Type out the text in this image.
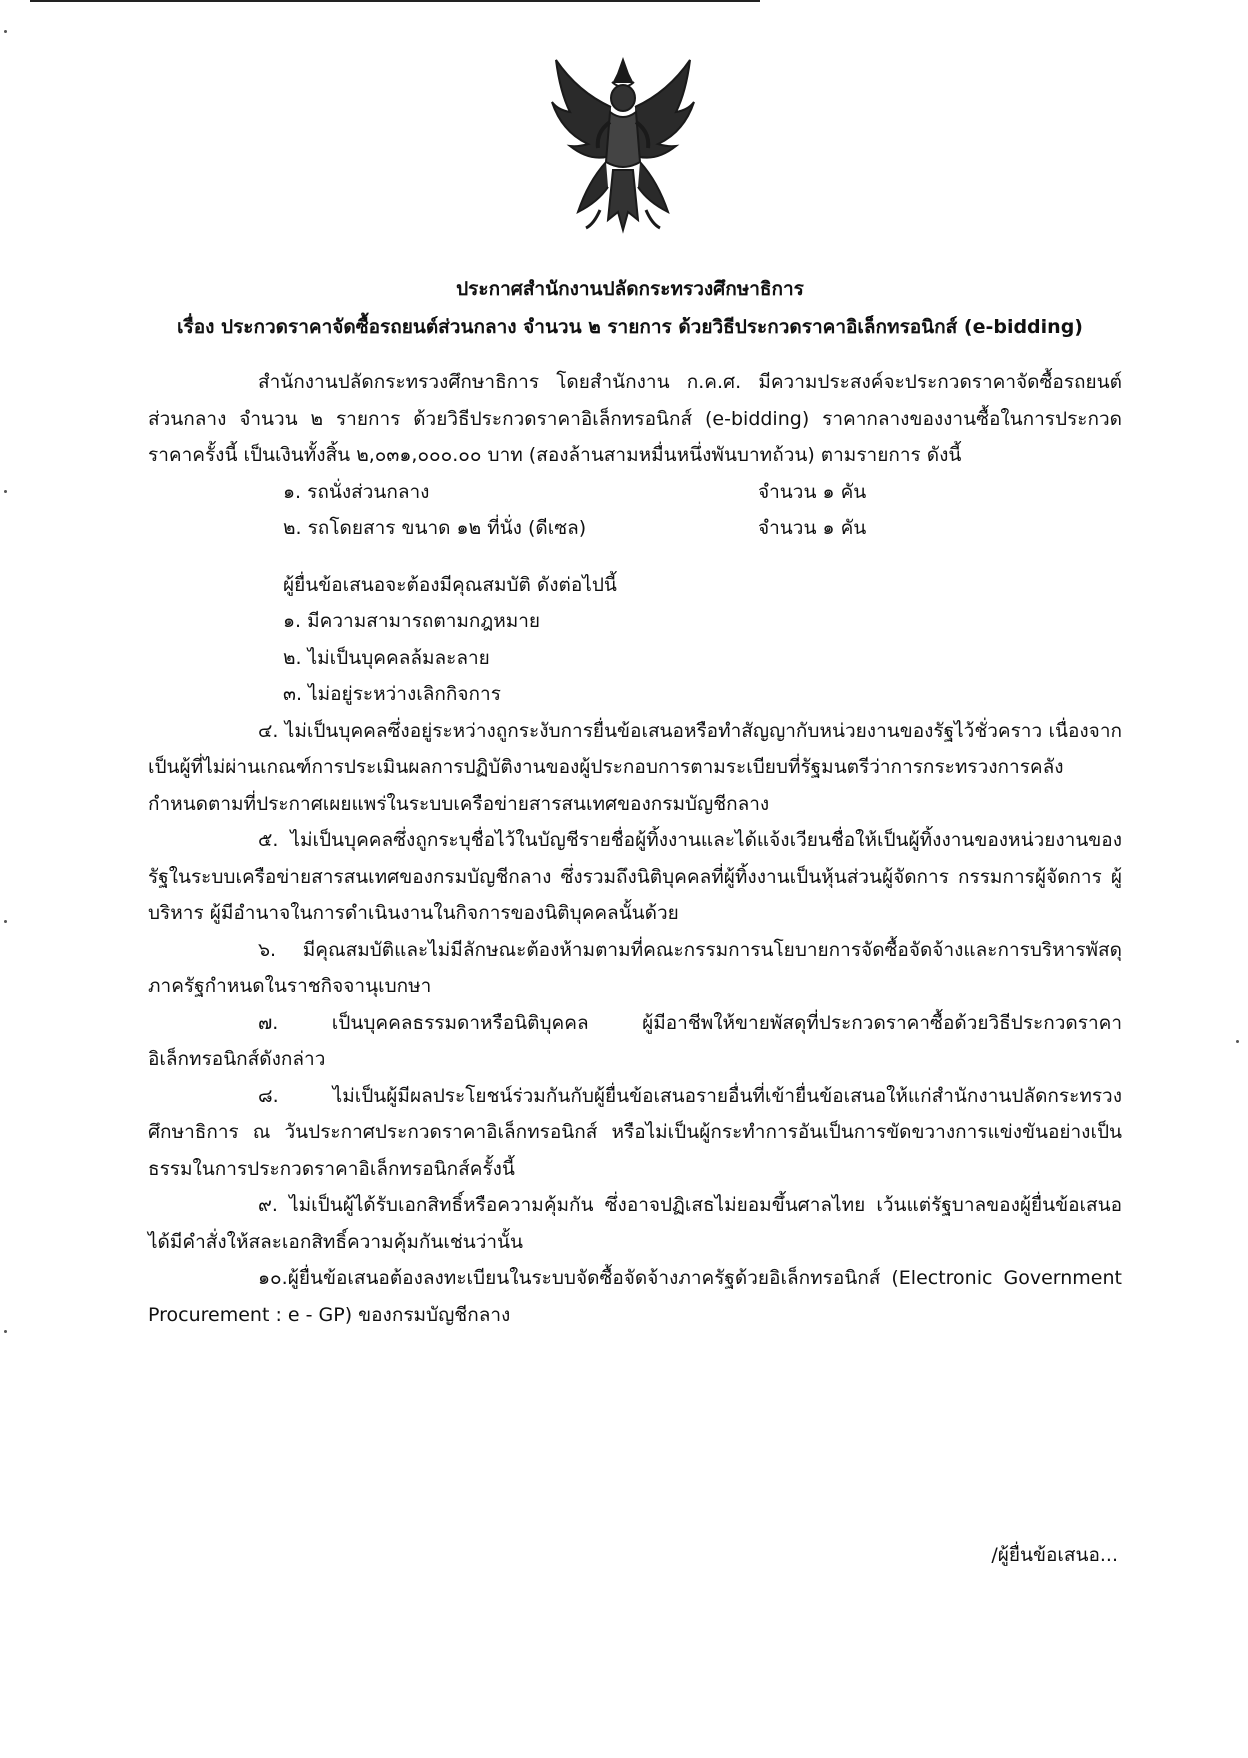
ประกาศสำนักงานปลัดกระทรวงศึกษาธิการ
เรื่อง ประกวดราคาจัดซื้อรถยนต์ส่วนกลาง จำนวน ๒ รายการ ด้วยวิธีประกวดราคาอิเล็กทรอนิกส์ (e-bidding)

สำนักงานปลัดกระทรวงศึกษาธิการ โดยสำนักงาน ก.ค.ศ. มีความประสงค์จะประกวดราคาจัดซื้อรถยนต์ส่วนกลาง จำนวน ๒ รายการ ด้วยวิธีประกวดราคาอิเล็กทรอนิกส์ (e-bidding) ราคากลางของงานซื้อในการประกวดราคาครั้งนี้ เป็นเงินทั้งสิ้น ๒,๐๓๑,๐๐๐.๐๐ บาท (สองล้านสามหมื่นหนึ่งพันบาทถ้วน) ตามรายการ ดังนี้

๑. รถนั่งส่วนกลาง	จำนวน ๑ คัน
๒. รถโดยสาร ขนาด ๑๒ ที่นั่ง (ดีเซล)	จำนวน ๑ คัน
ผู้ยื่นข้อเสนอจะต้องมีคุณสมบัติ ดังต่อไปนี้
๑. มีความสามารถตามกฎหมาย
๒. ไม่เป็นบุคคลล้มละลาย
๓. ไม่อยู่ระหว่างเลิกกิจการ

๔. ไม่เป็นบุคคลซึ่งอยู่ระหว่างถูกระงับการยื่นข้อเสนอหรือทำสัญญากับหน่วยงานของรัฐไว้ชั่วคราว เนื่องจากเป็นผู้ที่ไม่ผ่านเกณฑ์การประเมินผลการปฏิบัติงานของผู้ประกอบการตามระเบียบที่รัฐมนตรีว่าการกระทรวงการคลังกำหนดตามที่ประกาศเผยแพร่ในระบบเครือข่ายสารสนเทศของกรมบัญชีกลาง

๕. ไม่เป็นบุคคลซึ่งถูกระบุชื่อไว้ในบัญชีรายชื่อผู้ทิ้งงานและได้แจ้งเวียนชื่อให้เป็นผู้ทิ้งงานของหน่วยงานของรัฐในระบบเครือข่ายสารสนเทศของกรมบัญชีกลาง ซึ่งรวมถึงนิติบุคคลที่ผู้ทิ้งงานเป็นหุ้นส่วนผู้จัดการ กรรมการผู้จัดการ ผู้บริหาร ผู้มีอำนาจในการดำเนินงานในกิจการของนิติบุคคลนั้นด้วย

๖. มีคุณสมบัติและไม่มีลักษณะต้องห้ามตามที่คณะกรรมการนโยบายการจัดซื้อจัดจ้างและการบริหารพัสดุภาครัฐกำหนดในราชกิจจานุเบกษา

๗. เป็นบุคคลธรรมดาหรือนิติบุคคล ผู้มีอาชีพให้ขายพัสดุที่ประกวดราคาซื้อด้วยวิธีประกวดราคาอิเล็กทรอนิกส์ดังกล่าว

๘. ไม่เป็นผู้มีผลประโยชน์ร่วมกันกับผู้ยื่นข้อเสนอรายอื่นที่เข้ายื่นข้อเสนอให้แก่สำนักงานปลัดกระทรวงศึกษาธิการ ณ วันประกาศประกวดราคาอิเล็กทรอนิกส์ หรือไม่เป็นผู้กระทำการอันเป็นการขัดขวางการแข่งขันอย่างเป็นธรรมในการประกวดราคาอิเล็กทรอนิกส์ครั้งนี้

๙. ไม่เป็นผู้ได้รับเอกสิทธิ์หรือความคุ้มกัน ซึ่งอาจปฏิเสธไม่ยอมขึ้นศาลไทย เว้นแต่รัฐบาลของผู้ยื่นข้อเสนอได้มีคำสั่งให้สละเอกสิทธิ์ความคุ้มกันเช่นว่านั้น

๑๐.ผู้ยื่นข้อเสนอต้องลงทะเบียนในระบบจัดซื้อจัดจ้างภาครัฐด้วยอิเล็กทรอนิกส์ (Electronic Government Procurement : e - GP) ของกรมบัญชีกลาง

/ผู้ยื่นข้อเสนอ...
